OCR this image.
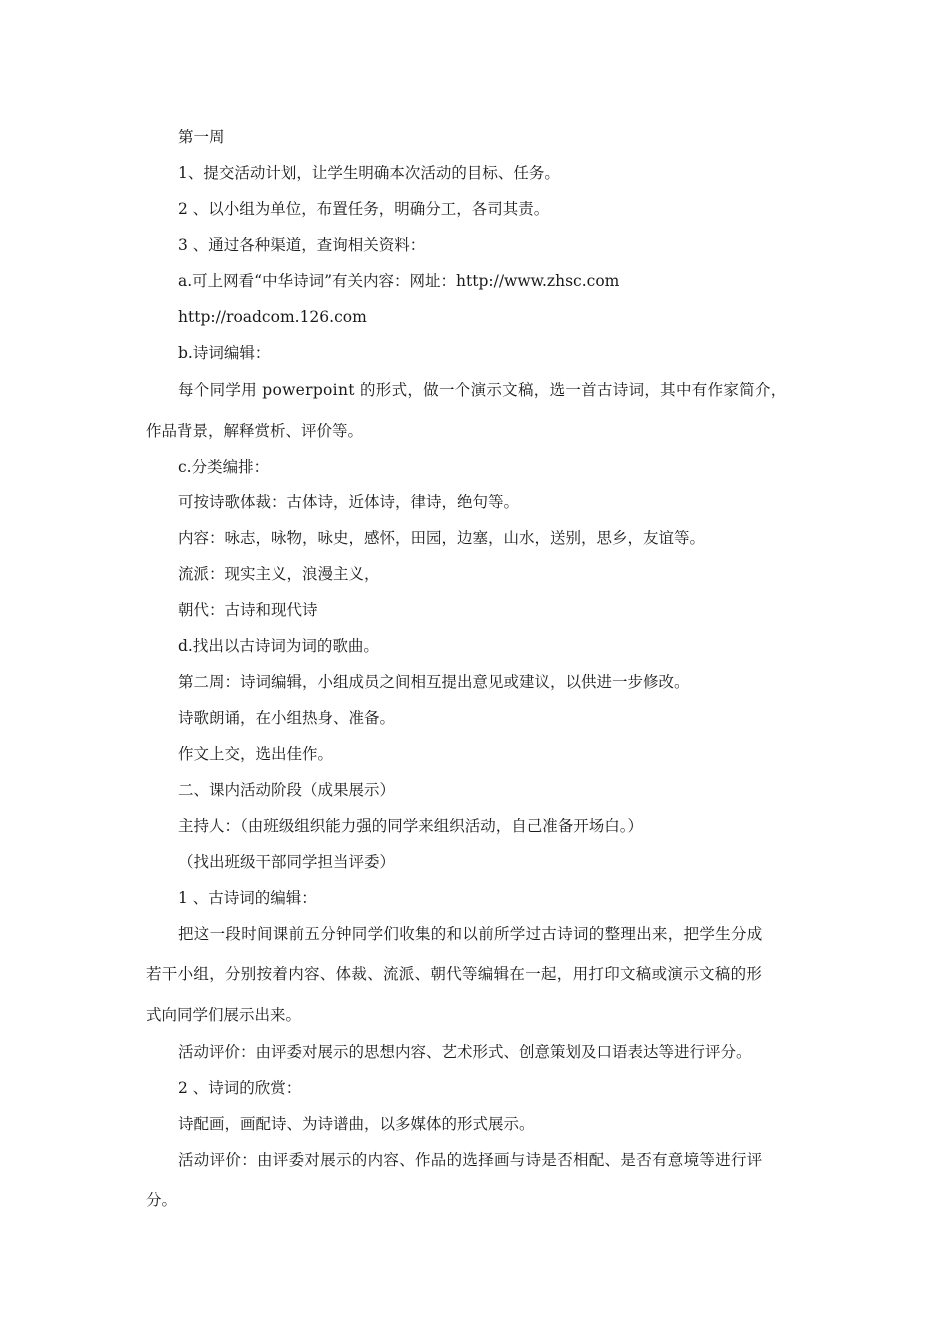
第一周
1、提交活动计划，让学生明确本次活动的目标、任务。
2 、以小组为单位，布置任务，明确分工，各司其责。
3 、通过各种渠道，查询相关资料：
a.可上网看“中华诗词”有关内容：网址：http://www.zhsc.com
http://roadcom.126.com
b.诗词编辑：
每个同学用 powerpoint 的形式，做一个演示文稿，选一首古诗词，其中有作家简介，
作品背景，解释赏析、评价等。
c.分类编排：
可按诗歌体裁：古体诗，近体诗，律诗，绝句等。
内容：咏志，咏物，咏史，感怀，田园，边塞，山水，送别，思乡，友谊等。
流派：现实主义，浪漫主义，
朝代：古诗和现代诗
d.找出以古诗词为词的歌曲。
第二周：诗词编辑，小组成员之间相互提出意见或建议，以供进一步修改。
诗歌朗诵，在小组热身、准备。
作文上交，选出佳作。
二、课内活动阶段（成果展示）
主持人：（由班级组织能力强的同学来组织活动，自己准备开场白。）
（找出班级干部同学担当评委）
1 、古诗词的编辑：
把这一段时间课前五分钟同学们收集的和以前所学过古诗词的整理出来，把学生分成
若干小组，分别按着内容、体裁、流派、朝代等编辑在一起，用打印文稿或演示文稿的形
式向同学们展示出来。
活动评价：由评委对展示的思想内容、艺术形式、创意策划及口语表达等进行评分。
2 、诗词的欣赏：
诗配画，画配诗、为诗谱曲，以多媒体的形式展示。
活动评价：由评委对展示的内容、作品的选择画与诗是否相配、是否有意境等进行评
分。
